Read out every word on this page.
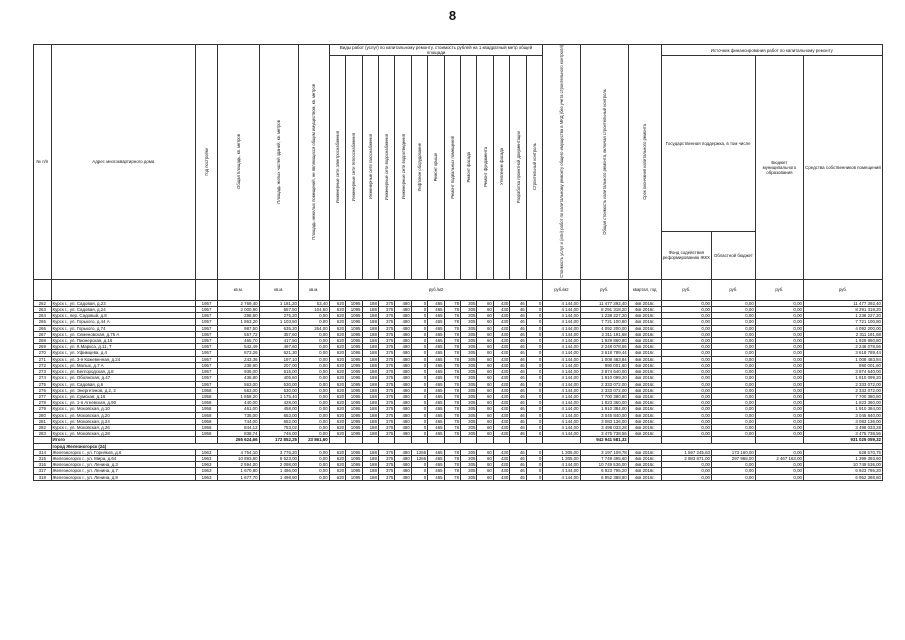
8
№ п/п	Адрес многоквартирного дома	Год постройки	Общая площадь, кв. метров	Площадь жилых частей зданий, кв. метров	Площадь нежилых помещений, не являющихся общим имуществом, кв. метров	Виды работ (услуг) по капитальному ремонту, стоимость рублей на 1 квадратный метр общей площади													Стоимость услуг и (или) работ по капитальному ремонту общего имущества в МКД (без учета строительного контроля)	Общая стоимость капитального ремонта, включая строительный контроль	Срок окончания капитального ремонта	Источник финансирования работ по капитальному ремонту			
						Инженерные сети электроснабжения	Инженерные сети теплоснабжения	Инженерные сети газоснабжения	Инженерные сети водоснабжения	Инженерные сети водоотведения	Лифтовое оборудование	Ремонт крыши	Ремонт подвальных помещений	Ремонт фасада	Ремонт фундамента	Утепление фасада	Разработка проектной документации	Строительный контроль				Государственная поддержка, в том числе		Бюджет муниципального образования	Средства собственников помещений
																						Фонд содействия реформированию ЖКХ	Областной бюджет		
			кв.м.	кв.м.	кв.м.	руб./м2													руб./м2	руб.	квартал, год	руб.	руб.	руб.	руб.
262	Курск г., ул. Садовая, д.23	1957	2 769,40	1 181,20	53,40	620	1095	188	375	480	0	465	78	305	60	430	46	0	4 144,00	11 477 392,40	4кв 2016г.	0,00	0,00	0,00	11 477 392,40
263	Курск г., ул. Садовая, д.24	1957	2 000,90	557,50	104,60	620	1095	188	375	480	0	465	78	305	60	430	46	0	4 144,00	8 291 318,20	4кв 2016г.	0,00	0,00	0,00	8 291 318,20
264	Курск г., пер. Садовый, д.8	1957	298,80	275,20	0,00	620	1095	188	375	480	0	465	78	305	60	430	46	0	4 144,00	1 238 227,20	4кв 2016г.	0,00	0,00	0,00	1 238 227,20
265	Курск г., ул. Горького, д.44 А	1957	1 863,20	1 103,50	0,00	620	1095	188	375	480	0	465	78	305	60	430	46	0	4 144,00	7 721 100,80	4кв 2016г.	0,00	0,00	0,00	7 721 100,80
266	Курск г., ул. Горького, д.74	1957	987,50	635,20	264,00	620	1095	188	375	480	0	465	78	305	60	430	46	0	4 144,00	4 092 200,00	4кв 2016г.	0,00	0,00	0,00	4 092 200,00
267	Курск г., ул. Семеновская, д.75 А	1957	557,72	357,60	0,00	620	1095	188	375	480	0	465	78	305	60	430	46	0	4 144,00	2 311 191,68	4кв 2016г.	0,00	0,00	0,00	2 311 191,68
268	Курск г., ул. Пионерская, д.16	1957	465,70	417,50	0,00	620	1095	188	375	480	0	465	78	305	60	430	46	0	4 144,00	1 929 860,80	4кв 2016г.	0,00	0,00	0,00	1 929 860,80
269	Курск г., ул. К.Маркса, д.11, Т	1957	542,49	497,60	0,00	620	1095	188	375	480	0	465	78	305	60	430	46	0	4 144,00	2 248 078,56	4кв 2016г.	0,00	0,00	0,00	2 248 078,56
270	Курск г., ул. Уфимцева, д.4	1957	873,26	621,30	0,00	620	1095	188	375	480	0	465	78	305	60	430	46	0	4 144,00	3 618 789,44	4кв 2016г.	0,00	0,00	0,00	3 618 789,44
271	Курск г., ул. 3-я Кожевенная, д.24	1957	243,36	197,10	0,00	620	1095	188	375	480	0	465	78	305	60	430	46	0	4 144,00	1 008 483,84	4кв 2016г.	0,00	0,00	0,00	1 008 483,84
272	Курск г., ул. Малых, д.7 А	1957	238,90	207,00	0,00	620	1095	188	375	480	0	465	78	305	60	430	46	0	4 144,00	990 001,60	4кв 2016г.	0,00	0,00	0,00	990 001,60
273	Курск г., ул. Белгородская, д.8	1957	935,00	615,00	0,00	620	1095	188	375	480	0	465	78	305	60	430	46	0	4 144,00	3 874 640,00	4кв 2016г.	0,00	0,00	0,00	3 874 640,00
274	Курск г., ул. Обоянская, д.47	1957	436,80	405,60	0,00	620	1095	188	375	480	0	465	78	305	60	430	46	0	4 144,00	1 810 099,20	4кв 2016г.	0,00	0,00	0,00	1 810 099,20
275	Курск г., ул. Садовая, д.6	1957	563,00	530,00	0,00	620	1095	188	375	480	0	465	78	305	60	430	46	0	4 144,00	2 333 072,00	4кв 2016г.	0,00	0,00	0,00	2 333 072,00
276	Курск г., ул. Энергетиков, д.2, 2	1958	563,00	530,00	0,00	620	1095	188	375	480	0	465	78	305	60	430	46	0	4 144,00	2 333 072,00	4кв 2016г.	0,00	0,00	0,00	2 333 072,00
277	Курск г., ул. Сумская, д.16	1958	1 858,20	1 175,40	0,00	620	1095	188	375	480	0	465	78	305	60	430	46	0	4 144,00	7 700 380,80	4кв 2016г.	0,00	0,00	0,00	7 700 380,80
278	Курск г., ул. 1-я Агеевская, д.90	1958	440,00	428,00	0,00	620	1095	188	375	480	0	465	78	305	60	430	46	0	4 144,00	1 823 360,00	4кв 2016г.	0,00	0,00	0,00	1 823 360,00
279	Курск г., ул. Моковская, д.10	1958	461,00	458,00	0,00	620	1095	188	375	480	0	465	78	305	60	430	46	0	4 144,00	1 910 384,00	4кв 2016г.	0,00	0,00	0,00	1 910 384,00
280	Курск г., ул. Моковская, д.20	1958	735,00	653,00	0,00	620	1095	188	375	480	0	465	78	305	60	430	46	0	4 144,00	3 045 840,00	4кв 2016г.	0,00	0,00	0,00	3 045 840,00
281	Курск г., ул. Моковская, д.24	1958	744,00	652,00	0,00	620	1095	188	375	480	0	465	78	305	60	430	46	0	4 144,00	3 083 136,00	4кв 2016г.	0,00	0,00	0,00	3 083 136,00
282	Курск г., ул. Моковская, д.26	1958	844,12	753,02	0,00	620	1095	188	375	480	0	465	78	305	60	430	46	0	4 144,00	3 498 033,28	4кв 2016г.	0,00	0,00	0,00	3 498 033,28
283	Курск г., ул. Моковская, д.28	1958	838,74	746,00	0,00	620	1095	188	375	480	0	465	78	305	60	430	46	0	4 144,00	3 475 738,56	4кв 2016г.	0,00	0,00	0,00	3 475 738,56
	Итого		265 624,66	172 852,25	23 861,60															942 941 581,32					931 025 059,32
	город Железногорск (24)																								
314	Железногорск г., ул. Горняков, д.6	1963	4 754,10	3 776,20	0,00	620	1095	188	375	480	1265	465	78	305	60	430	46	0	1 305,00	3 197 109,78	4кв 2016г.	1 597 245,63	173 160,00	0,00	628 570,75
315	Железногорск г., ул. Мира, д.64	1963	10 893,80	9 523,00	0,00	620	1095	188	375	480	1265	465	78	305	60	430	46	0	1 305,00	7 749 495,60	4кв 2016г.	2 983 871,00	297 968,00	2 467 163,00	1 399 393,60
316	Железногорск г., ул. Ленина, д.3	1963	2 594,00	2 098,00	0,00	620	1095	188	375	480	0	465	78	305	60	430	46	0	4 144,00	10 749 536,00	4кв 2016г.	0,00	0,00	0,00	10 749 536,00
317	Железногорск г., ул. Ленина, д.7	1963	1 670,80	1 486,00	0,00	620	1095	188	375	480	0	465	78	305	60	430	46	0	4 144,00	6 923 795,20	4кв 2016г.	0,00	0,00	0,00	6 923 795,20
318	Железногорск г., ул. Ленина, д.9	1963	1 677,70	1 498,90	0,00	620	1095	188	375	480	0	465	78	305	60	430	46	0	4 144,00	6 952 388,80	4кв 2016г.	0,00	0,00	0,00	6 952 388,80
